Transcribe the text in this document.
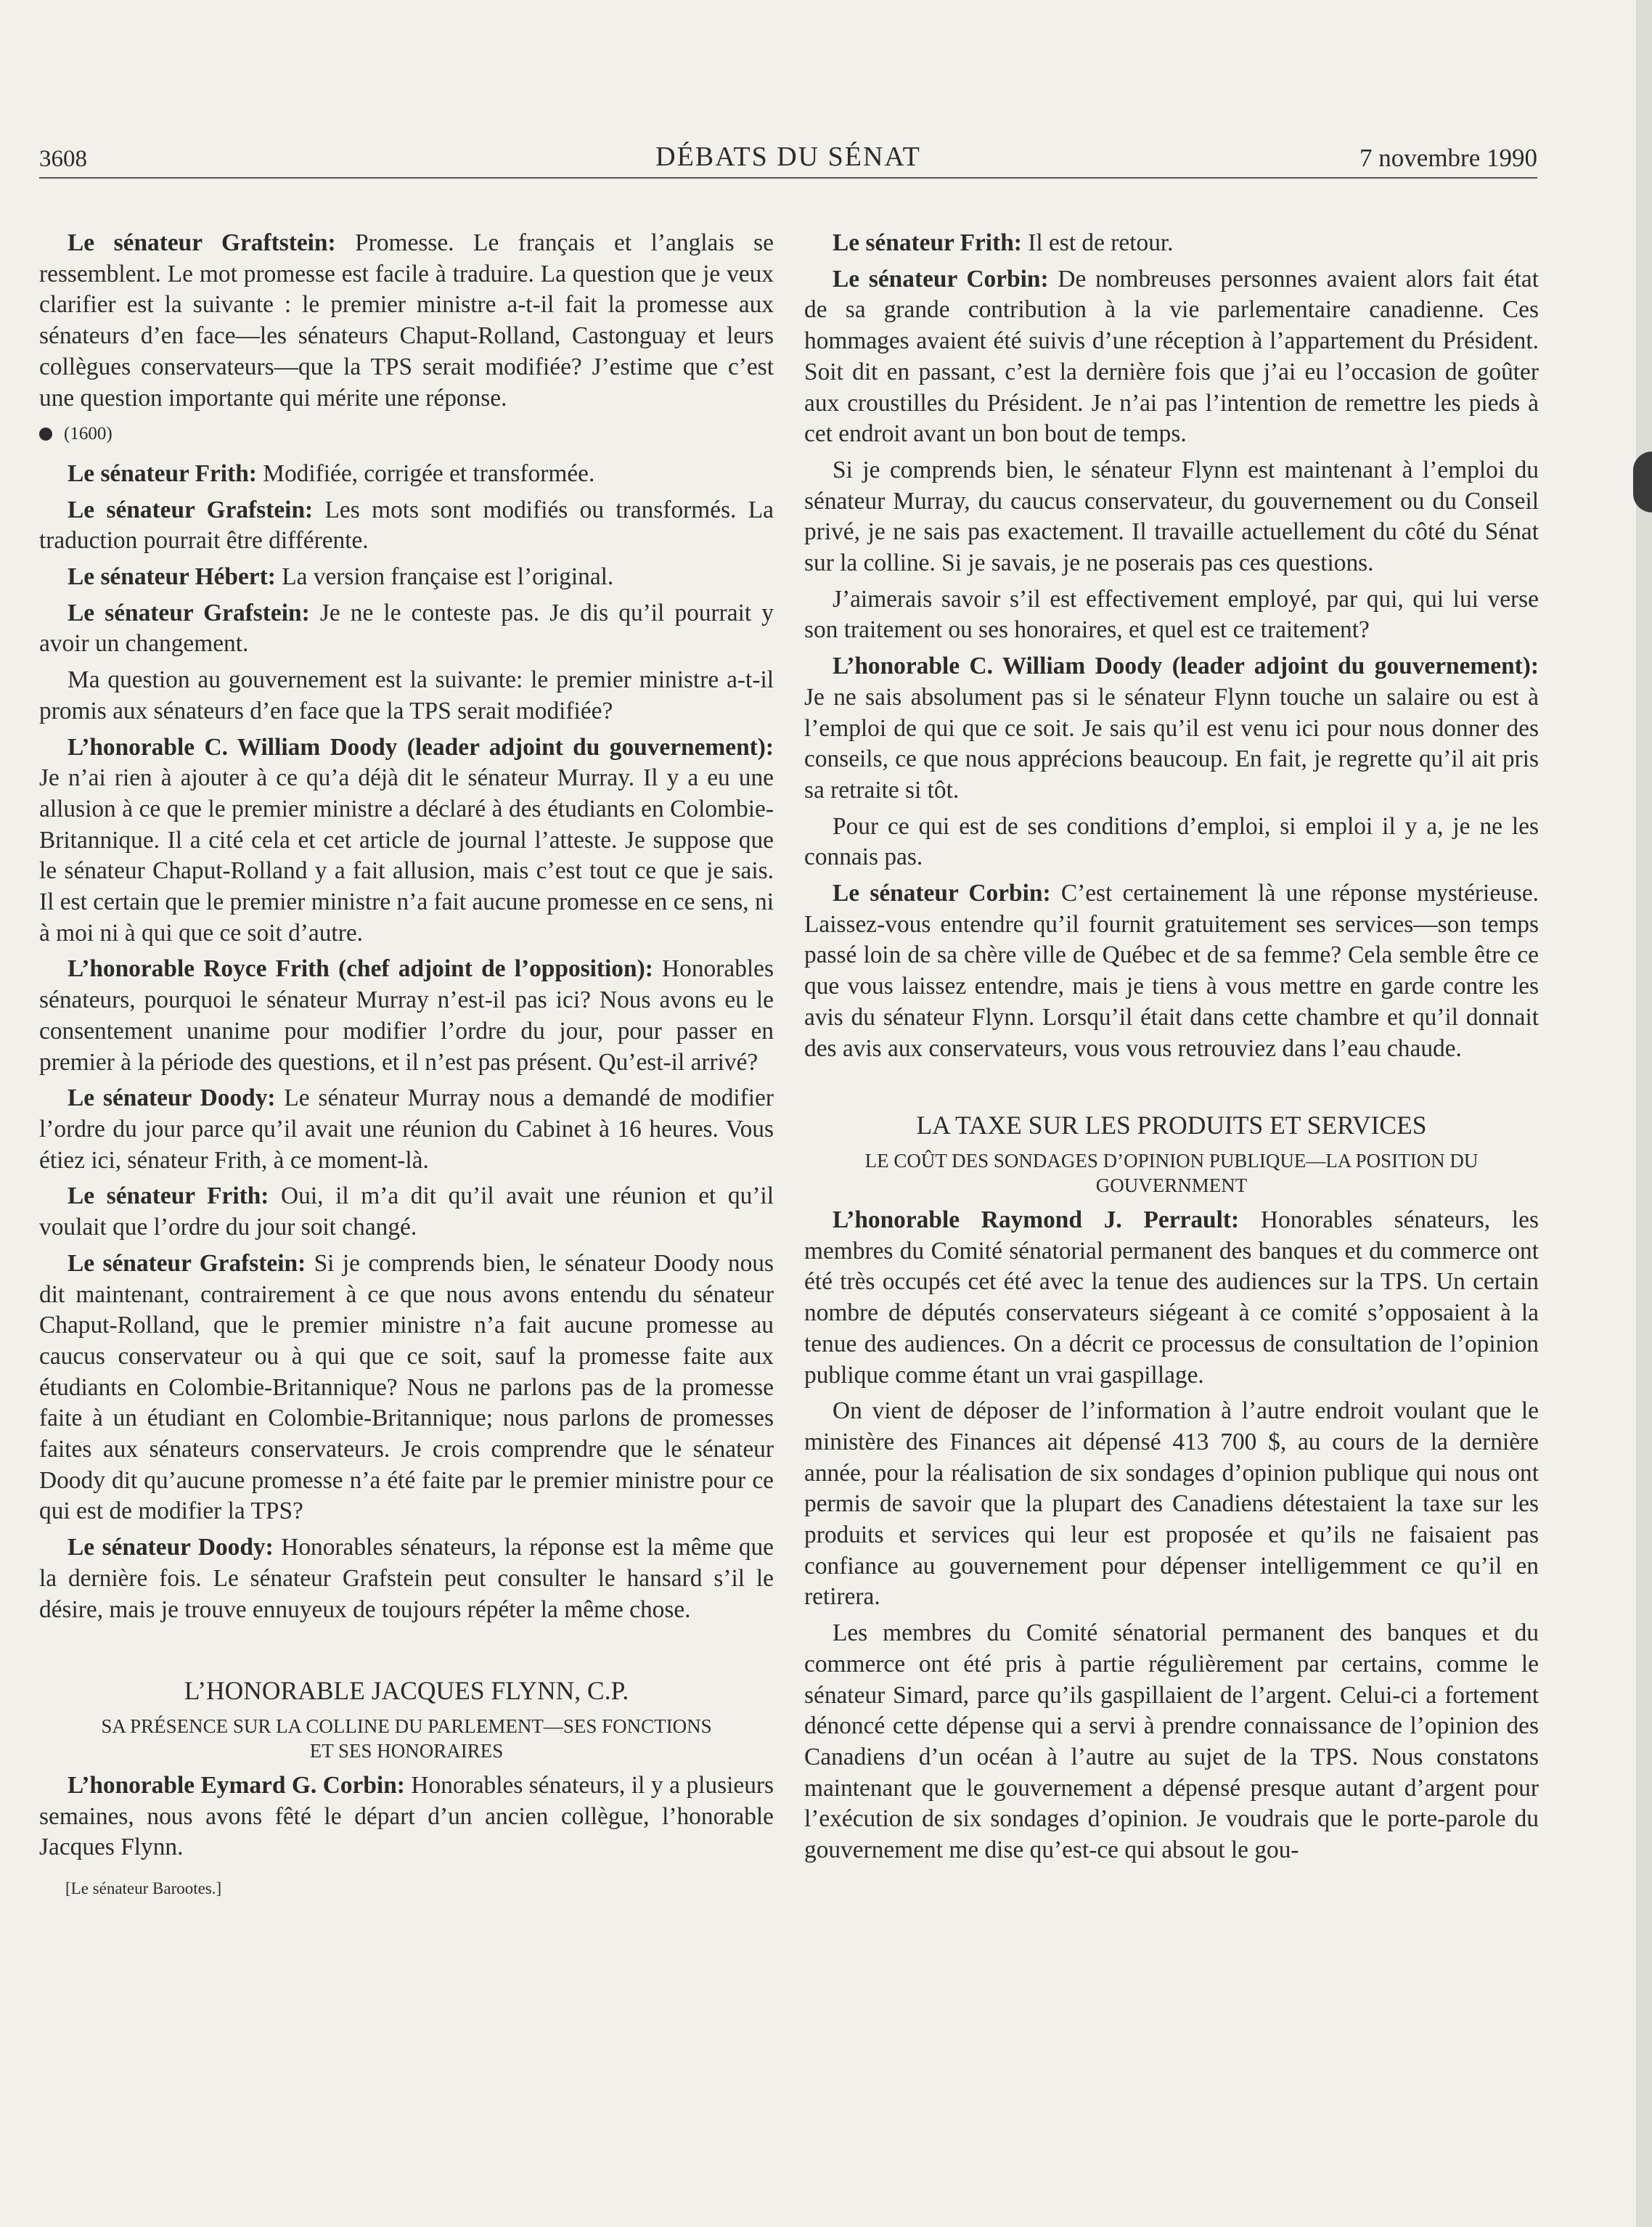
3608	DÉBATS DU SÉNAT	7 novembre 1990

Le sénateur Graftstein: Promesse. Le français et l’anglais se ressemblent. Le mot promesse est facile à traduire. La question que je veux clarifier est la suivante : le premier ministre a-t-il fait la promesse aux sénateurs d’en face—les sénateurs Chaput-Rolland, Castonguay et leurs collègues conservateurs—que la TPS serait modifiée? J’estime que c’est une question importante qui mérite une réponse.

(1600)

Le sénateur Frith: Modifiée, corrigée et transformée.

Le sénateur Grafstein: Les mots sont modifiés ou transformés. La traduction pourrait être différente.

Le sénateur Hébert: La version française est l’original.

Le sénateur Grafstein: Je ne le conteste pas. Je dis qu’il pourrait y avoir un changement.

Ma question au gouvernement est la suivante: le premier ministre a-t-il promis aux sénateurs d’en face que la TPS serait modifiée?

L’honorable C. William Doody (leader adjoint du gouvernement): Je n’ai rien à ajouter à ce qu’a déjà dit le sénateur Murray. Il y a eu une allusion à ce que le premier ministre a déclaré à des étudiants en Colombie-Britannique. Il a cité cela et cet article de journal l’atteste. Je suppose que le sénateur Chaput-Rolland y a fait allusion, mais c’est tout ce que je sais. Il est certain que le premier ministre n’a fait aucune promesse en ce sens, ni à moi ni à qui que ce soit d’autre.

L’honorable Royce Frith (chef adjoint de l’opposition): Honorables sénateurs, pourquoi le sénateur Murray n’est-il pas ici? Nous avons eu le consentement unanime pour modifier l’ordre du jour, pour passer en premier à la période des questions, et il n’est pas présent. Qu’est-il arrivé?

Le sénateur Doody: Le sénateur Murray nous a demandé de modifier l’ordre du jour parce qu’il avait une réunion du Cabinet à 16 heures. Vous étiez ici, sénateur Frith, à ce moment-là.

Le sénateur Frith: Oui, il m’a dit qu’il avait une réunion et qu’il voulait que l’ordre du jour soit changé.

Le sénateur Grafstein: Si je comprends bien, le sénateur Doody nous dit maintenant, contrairement à ce que nous avons entendu du sénateur Chaput-Rolland, que le premier ministre n’a fait aucune promesse au caucus conservateur ou à qui que ce soit, sauf la promesse faite aux étudiants en Colombie-Britannique? Nous ne parlons pas de la promesse faite à un étudiant en Colombie-Britannique; nous parlons de promesses faites aux sénateurs conservateurs. Je crois comprendre que le sénateur Doody dit qu’aucune promesse n’a été faite par le premier ministre pour ce qui est de modifier la TPS?

Le sénateur Doody: Honorables sénateurs, la réponse est la même que la dernière fois. Le sénateur Grafstein peut consulter le hansard s’il le désire, mais je trouve ennuyeux de toujours répéter la même chose.

L’HONORABLE JACQUES FLYNN, C.P.
SA PRÉSENCE SUR LA COLLINE DU PARLEMENT—SES FONCTIONS ET SES HONORAIRES

L’honorable Eymard G. Corbin: Honorables sénateurs, il y a plusieurs semaines, nous avons fêté le départ d’un ancien collègue, l’honorable Jacques Flynn.

[Le sénateur Barootes.]

Le sénateur Frith: Il est de retour.

Le sénateur Corbin: De nombreuses personnes avaient alors fait état de sa grande contribution à la vie parlementaire canadienne. Ces hommages avaient été suivis d’une réception à l’appartement du Président. Soit dit en passant, c’est la dernière fois que j’ai eu l’occasion de goûter aux croustilles du Président. Je n’ai pas l’intention de remettre les pieds à cet endroit avant un bon bout de temps.

Si je comprends bien, le sénateur Flynn est maintenant à l’emploi du sénateur Murray, du caucus conservateur, du gouvernement ou du Conseil privé, je ne sais pas exactement. Il travaille actuellement du côté du Sénat sur la colline. Si je savais, je ne poserais pas ces questions.

J’aimerais savoir s’il est effectivement employé, par qui, qui lui verse son traitement ou ses honoraires, et quel est ce traitement?

L’honorable C. William Doody (leader adjoint du gouvernement): Je ne sais absolument pas si le sénateur Flynn touche un salaire ou est à l’emploi de qui que ce soit. Je sais qu’il est venu ici pour nous donner des conseils, ce que nous apprécions beaucoup. En fait, je regrette qu’il ait pris sa retraite si tôt.

Pour ce qui est de ses conditions d’emploi, si emploi il y a, je ne les connais pas.

Le sénateur Corbin: C’est certainement là une réponse mystérieuse. Laissez-vous entendre qu’il fournit gratuitement ses services—son temps passé loin de sa chère ville de Québec et de sa femme? Cela semble être ce que vous laissez entendre, mais je tiens à vous mettre en garde contre les avis du sénateur Flynn. Lorsqu’il était dans cette chambre et qu’il donnait des avis aux conservateurs, vous vous retrouviez dans l’eau chaude.

LA TAXE SUR LES PRODUITS ET SERVICES
LE COÛT DES SONDAGES D’OPINION PUBLIQUE—LA POSITION DU GOUVERNMENT

L’honorable Raymond J. Perrault: Honorables sénateurs, les membres du Comité sénatorial permanent des banques et du commerce ont été très occupés cet été avec la tenue des audiences sur la TPS. Un certain nombre de députés conservateurs siégeant à ce comité s’opposaient à la tenue des audiences. On a décrit ce processus de consultation de l’opinion publique comme étant un vrai gaspillage.

On vient de déposer de l’information à l’autre endroit voulant que le ministère des Finances ait dépensé 413 700 $, au cours de la dernière année, pour la réalisation de six sondages d’opinion publique qui nous ont permis de savoir que la plupart des Canadiens détestaient la taxe sur les produits et services qui leur est proposée et qu’ils ne faisaient pas confiance au gouvernement pour dépenser intelligemment ce qu’il en retirera.

Les membres du Comité sénatorial permanent des banques et du commerce ont été pris à partie régulièrement par certains, comme le sénateur Simard, parce qu’ils gaspillaient de l’argent. Celui-ci a fortement dénoncé cette dépense qui a servi à prendre connaissance de l’opinion des Canadiens d’un océan à l’autre au sujet de la TPS. Nous constatons maintenant que le gouvernement a dépensé presque autant d’argent pour l’exécution de six sondages d’opinion. Je voudrais que le porte-parole du gouvernement me dise qu’est-ce qui absout le gou-
